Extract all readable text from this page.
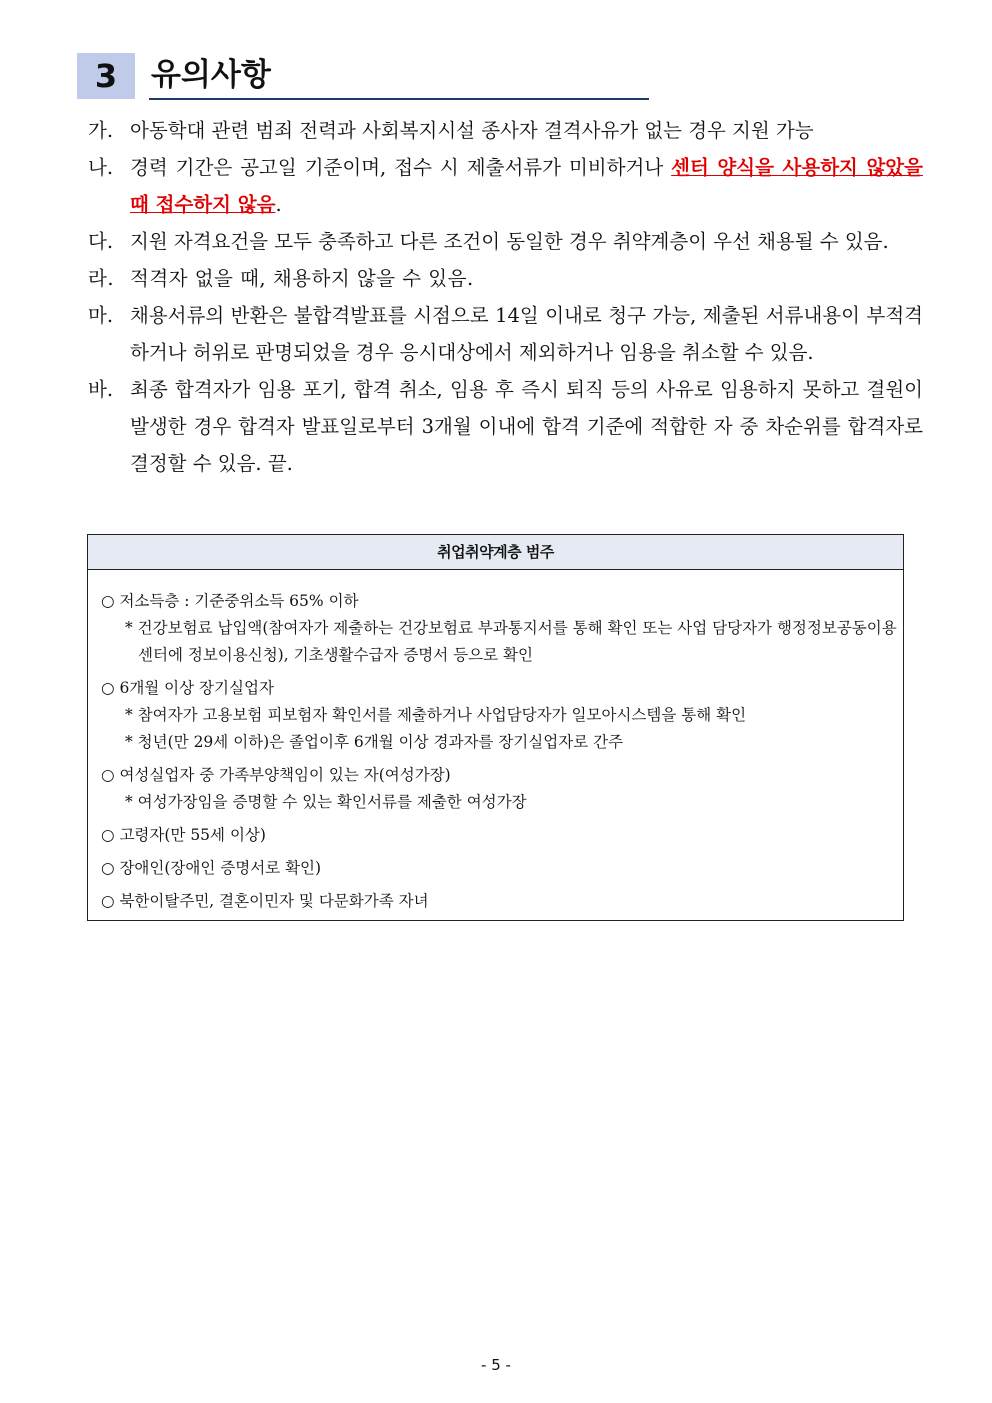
3	유의사항
가. 아동학대 관련 범죄 전력과 사회복지시설 종사자 결격사유가 없는 경우 지원 가능
나. 경력 기간은 공고일 기준이며, 접수 시 제출서류가 미비하거나 센터 양식을 사용하지 않았을 때 접수하지 않음.
다. 지원 자격요건을 모두 충족하고 다른 조건이 동일한 경우 취약계층이 우선 채용될 수 있음.
라. 적격자 없을 때, 채용하지 않을 수 있음.
마. 채용서류의 반환은 불합격발표를 시점으로 14일 이내로 청구 가능, 제출된 서류내용이 부적격하거나 허위로 판명되었을 경우 응시대상에서 제외하거나 임용을 취소할 수 있음.
바. 최종 합격자가 임용 포기, 합격 취소, 임용 후 즉시 퇴직 등의 사유로 임용하지 못하고 결원이 발생한 경우 합격자 발표일로부터 3개월 이내에 합격 기준에 적합한 자 중 차순위를 합격자로 결정할 수 있음. 끝.
취업취약계층 범주
○ 저소득층 : 기준중위소득 65% 이하
* 건강보험료 납입액(참여자가 제출하는 건강보험료 부과통지서를 통해 확인 또는 사업 담당자가 행정정보공동이용센터에 정보이용신청), 기초생활수급자 증명서 등으로 확인
○ 6개월 이상 장기실업자
* 참여자가 고용보험 피보험자 확인서를 제출하거나 사업담당자가 일모아시스템을 통해 확인
* 청년(만 29세 이하)은 졸업이후 6개월 이상 경과자를 장기실업자로 간주
○ 여성실업자 중 가족부양책임이 있는 자(여성가장)
* 여성가장임을 증명할 수 있는 확인서류를 제출한 여성가장
○ 고령자(만 55세 이상)
○ 장애인(장애인 증명서로 확인)
○ 북한이탈주민, 결혼이민자 및 다문화가족 자녀
- 5 -
